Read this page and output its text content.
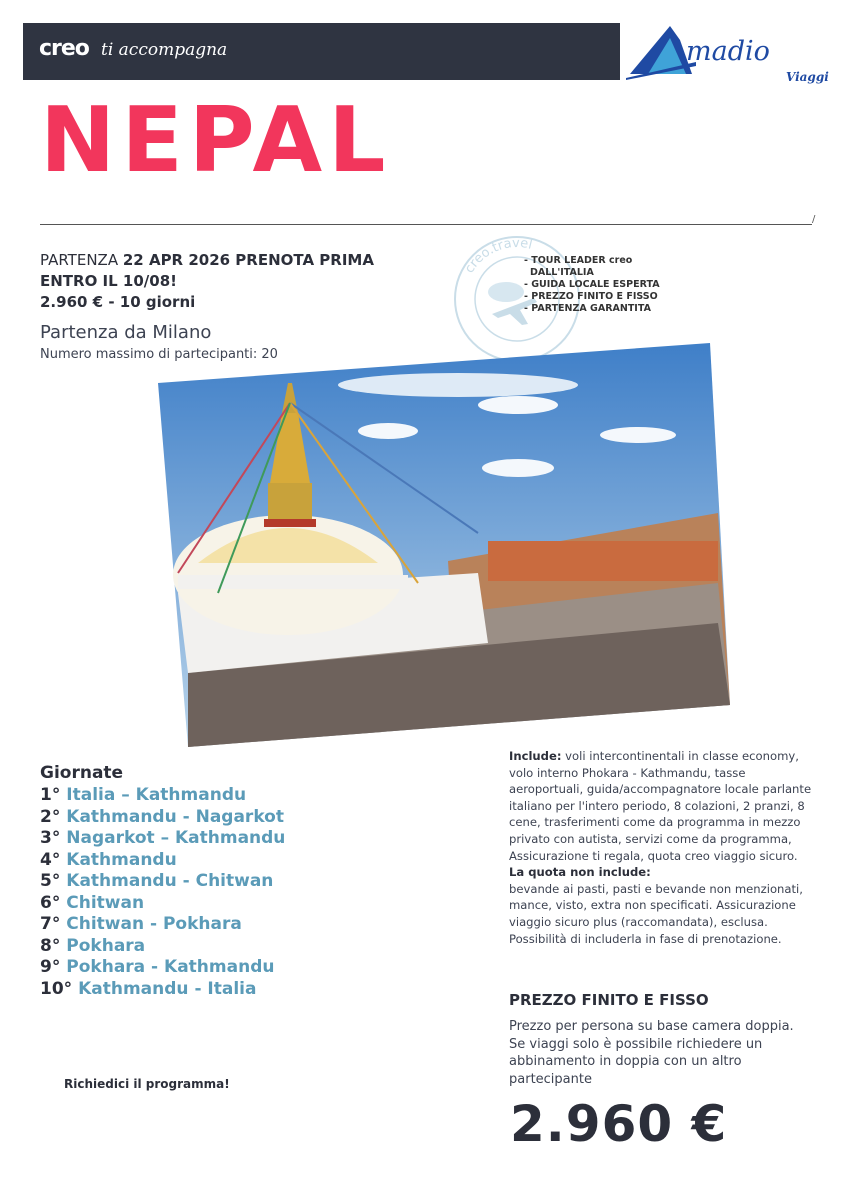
creo ti accompagna	madio
Viaggi
NEPAL
/
PARTENZA 22 APR 2026 PRENOTA PRIMA ENTRO IL 10/08!
2.960 € - 10 giorni
Partenza da Milano
Numero massimo di partecipanti: 20
creo.travel
- TOUR LEADER creo
DALL'ITALIA
- GUIDA LOCALE ESPERTA
- PREZZO FINITO E FISSO
- PARTENZA GARANTITA
Giornate
1° Italia – Kathmandu
2° Kathmandu - Nagarkot
3° Nagarkot – Kathmandu
4° Kathmandu
5° Kathmandu - Chitwan
6° Chitwan
7° Chitwan - Pokhara
8° Pokhara
9° Pokhara - Kathmandu
10° Kathmandu - Italia
Richiedici il programma!
Include: voli intercontinentali in classe economy, volo interno Phokara - Kathmandu, tasse aeroportuali, guida/accompagnatore locale parlante italiano per l'intero periodo, 8 colazioni, 2 pranzi, 8 cene, trasferimenti come da programma in mezzo privato con autista, servizi come da programma, Assicurazione ti regala, quota creo viaggio sicuro.
La quota non include:
bevande ai pasti, pasti e bevande non menzionati, mance, visto, extra non specificati. Assicurazione viaggio sicuro plus (raccomandata), esclusa. Possibilità di includerla in fase di prenotazione.
PREZZO FINITO E FISSO
Prezzo per persona su base camera doppia. Se viaggi solo è possibile richiedere un abbinamento in doppia con un altro partecipante
2.960 €
